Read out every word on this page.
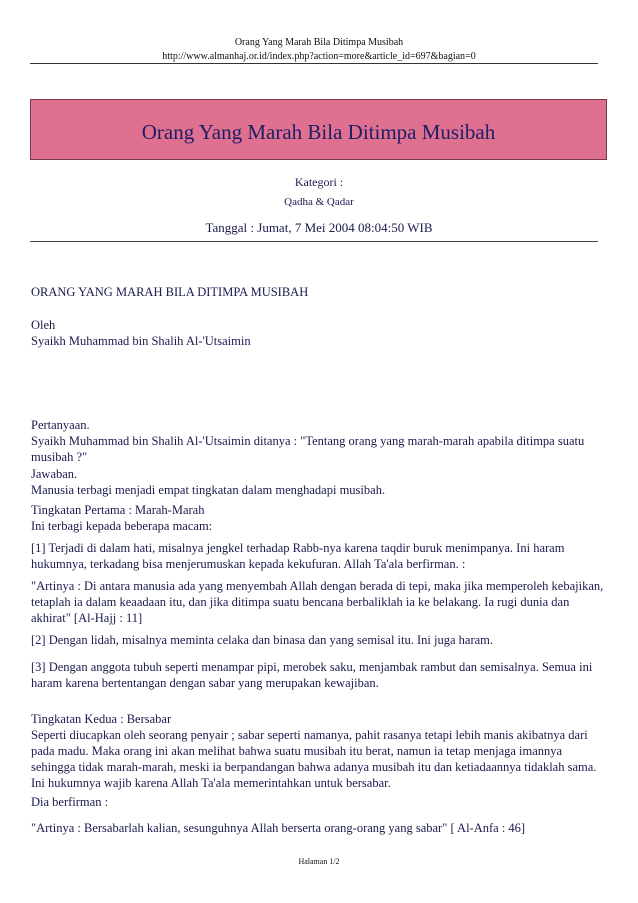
Orang Yang Marah Bila Ditimpa Musibah
http://www.almanhaj.or.id/index.php?action=more&article_id=697&bagian=0
Orang Yang Marah Bila Ditimpa Musibah
Kategori :
Qadha & Qadar
Tanggal : Jumat, 7 Mei 2004 08:04:50 WIB
ORANG YANG MARAH BILA DITIMPA MUSIBAH

Oleh

Syaikh Muhammad bin Shalih Al-'Utsaimin

Pertanyaan.

Syaikh Muhammad bin Shalih Al-'Utsaimin ditanya : "Tentang orang yang marah-marah apabila ditimpa suatu musibah ?"

Jawaban.

Manusia terbagi menjadi empat tingkatan dalam menghadapi musibah.

Tingkatan Pertama : Marah-Marah

Ini terbagi kepada beberapa macam:

[1] Terjadi di dalam hati, misalnya jengkel terhadap Rabb-nya karena taqdir buruk menimpanya. Ini haram hukumnya, terkadang bisa menjerumuskan kepada kekufuran. Allah Ta'ala berfirman. :
"Artinya : Di antara manusia ada yang menyembah Allah dengan berada di tepi, maka jika memperoleh kebajikan, tetaplah ia dalam keaadaan itu, dan jika ditimpa suatu bencana berbaliklah ia ke belakang. Ia rugi dunia dan akhirat" [Al-Hajj : 11]
[2] Dengan lidah, misalnya meminta celaka dan binasa dan yang semisal itu. Ini juga haram.
[3] Dengan anggota tubuh seperti menampar pipi, merobek saku, menjambak rambut dan semisalnya. Semua ini haram karena bertentangan dengan sabar yang merupakan kewajiban.

Tingkatan Kedua : Bersabar

Seperti diucapkan oleh seorang penyair ; sabar seperti namanya, pahit rasanya tetapi lebih manis akibatnya dari pada madu. Maka orang ini akan melihat bahwa suatu musibah itu berat, namun ia tetap menjaga imannya sehingga tidak marah-marah, meski ia berpandangan bahwa adanya musibah itu dan ketiadaannya tidaklah sama. Ini hukumnya wajib karena Allah Ta'ala memerintahkan untuk bersabar.

Dia berfirman :
"Artinya : Bersabarlah kalian, sesunguhnya Allah berserta orang-orang yang sabar" [ Al-Anfa : 46]
Halaman 1/2
